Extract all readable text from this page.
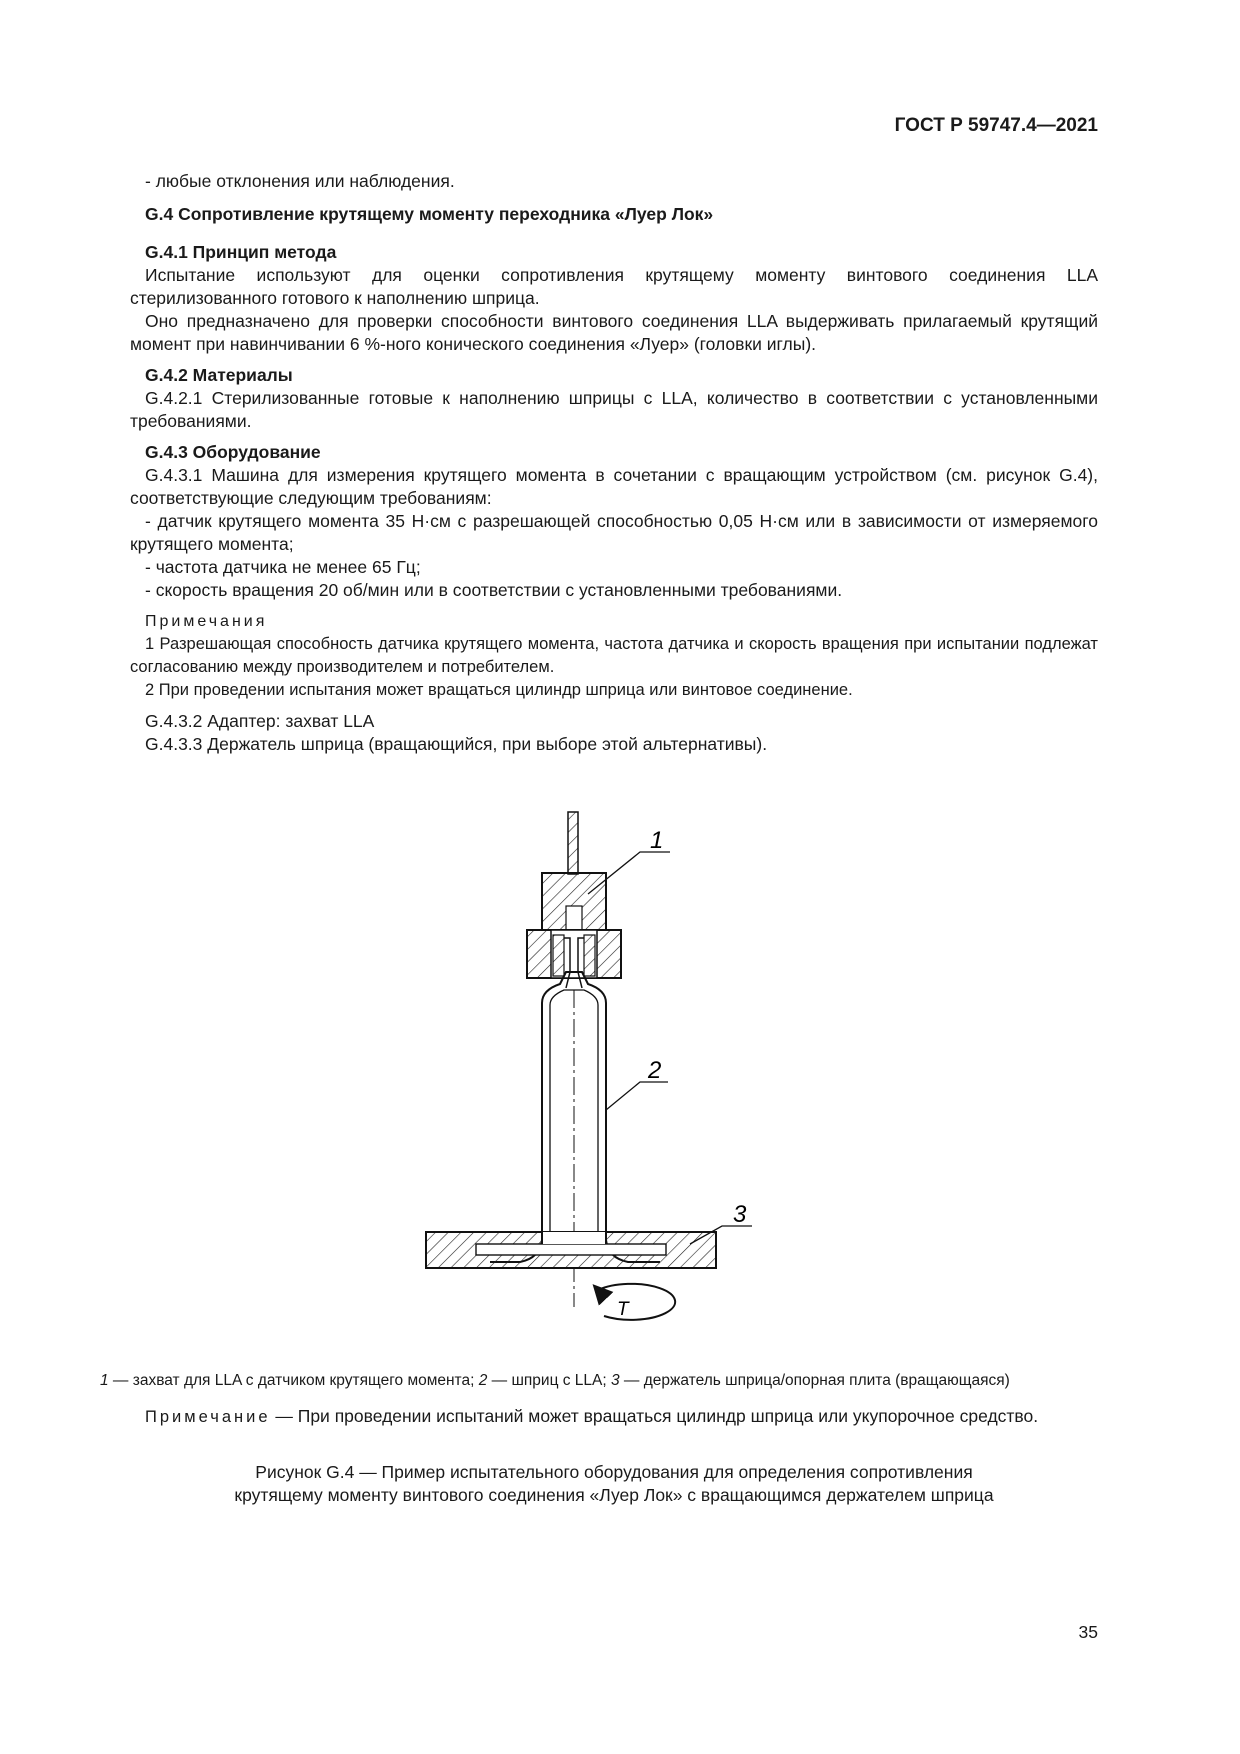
ГОСТ Р 59747.4—2021

- любые отклонения или наблюдения.

G.4 Сопротивление крутящему моменту переходника «Луер Лок»

G.4.1 Принцип метода

Испытание используют для оценки сопротивления крутящему моменту винтового соединения LLA стерилизованного готового к наполнению шприца.

Оно предназначено для проверки способности винтового соединения LLA выдерживать прилагаемый крутящий момент при навинчивании 6 %-ного конического соединения «Луер» (головки иглы).

G.4.2 Материалы

G.4.2.1 Стерилизованные готовые к наполнению шприцы с LLA, количество в соответствии с установленными требованиями.

G.4.3 Оборудование

G.4.3.1 Машина для измерения крутящего момента в сочетании с вращающим устройством (см. рисунок G.4), соответствующие следующим требованиям:

- датчик крутящего момента 35 Н·см с разрешающей способностью 0,05 Н·см или в зависимости от измеряемого крутящего момента;

- частота датчика не менее 65 Гц;

- скорость вращения 20 об/мин или в соответствии с установленными требованиями.

Примечания

1 Разрешающая способность датчика крутящего момента, частота датчика и скорость вращения при испытании подлежат согласованию между производителем и потребителем.

2 При проведении испытания может вращаться цилиндр шприца или винтовое соединение.

G.4.3.2 Адаптер: захват LLA

G.4.3.3 Держатель шприца (вращающийся, при выборе этой альтернативы).

T
1
2
3
1 — захват для LLA с датчиком крутящего момента; 2 — шприц с LLA; 3 — держатель шприца/опорная плита (вращающаяся)
Примечание — При проведении испытаний может вращаться цилиндр шприца или укупорочное средство.
Рисунок G.4 — Пример испытательного оборудования для определения сопротивления
крутящему моменту винтового соединения «Луер Лок» с вращающимся держателем шприца
35
